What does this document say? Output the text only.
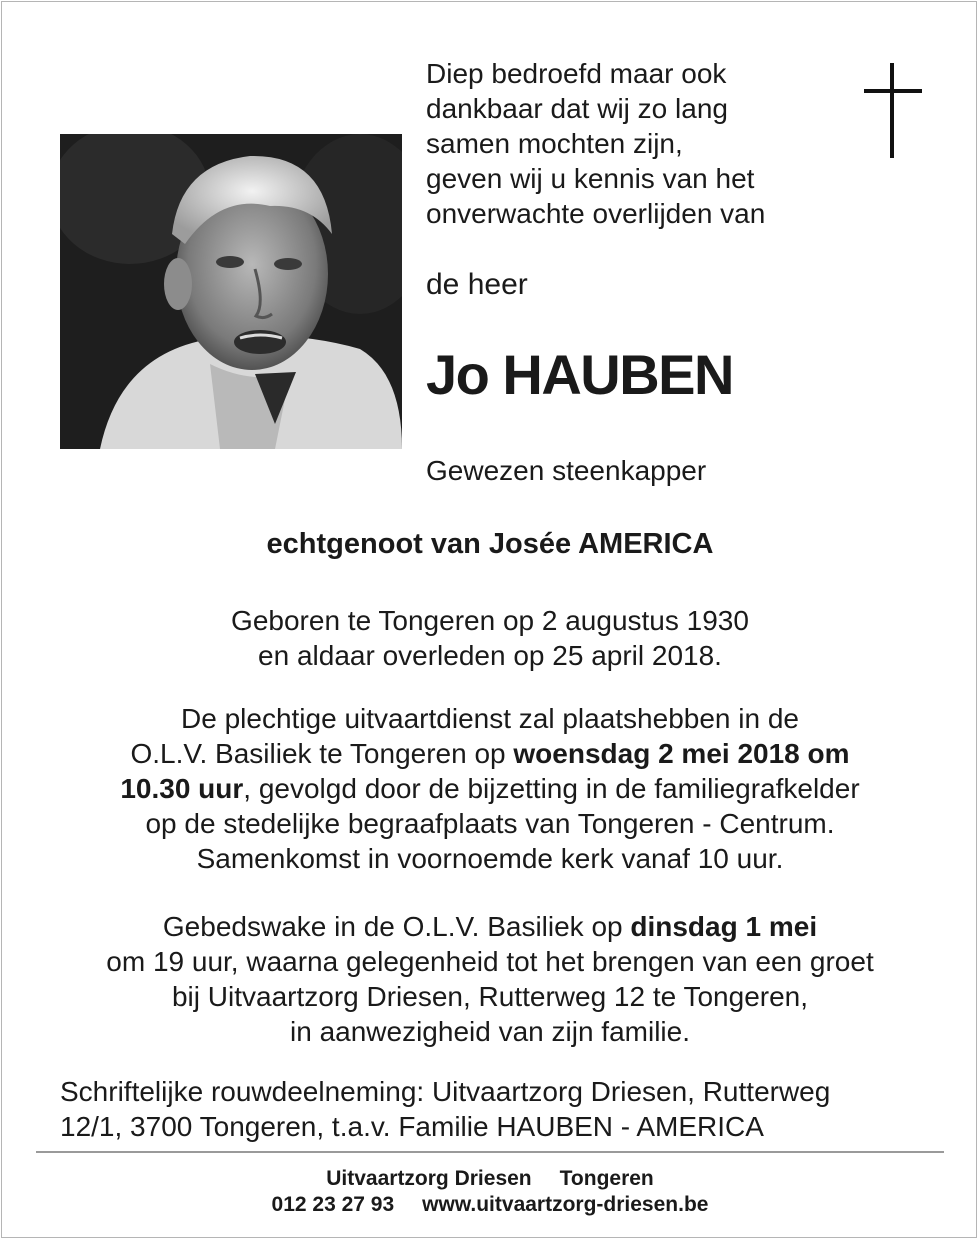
Diep bedroefd maar ook
dankbaar dat wij zo lang
samen mochten zijn,
geven wij u kennis van het
onverwachte overlijden van
de heer
Jo HAUBEN
Gewezen steenkapper
echtgenoot van Josée AMERICA
Geboren te Tongeren op 2 augustus 1930
en aldaar overleden op 25 april 2018.
De plechtige uitvaartdienst zal plaatshebben in de
O.L.V. Basiliek te Tongeren op woensdag 2 mei 2018 om
10.30 uur, gevolgd door de bijzetting in de familiegrafkelder
op de stedelijke begraafplaats van Tongeren - Centrum.
Samenkomst in voornoemde kerk vanaf 10 uur.
Gebedswake in de O.L.V. Basiliek op dinsdag 1 mei
om 19 uur, waarna gelegenheid tot het brengen van een groet
bij Uitvaartzorg Driesen, Rutterweg 12 te Tongeren,
in aanwezigheid van zijn familie.
Schriftelijke rouwdeelneming: Uitvaartzorg Driesen, Rutterweg
12/1, 3700 Tongeren, t.a.v. Familie HAUBEN - AMERICA
Uitvaartzorg Driesen Tongeren
012 23 27 93 www.uitvaartzorg-driesen.be
